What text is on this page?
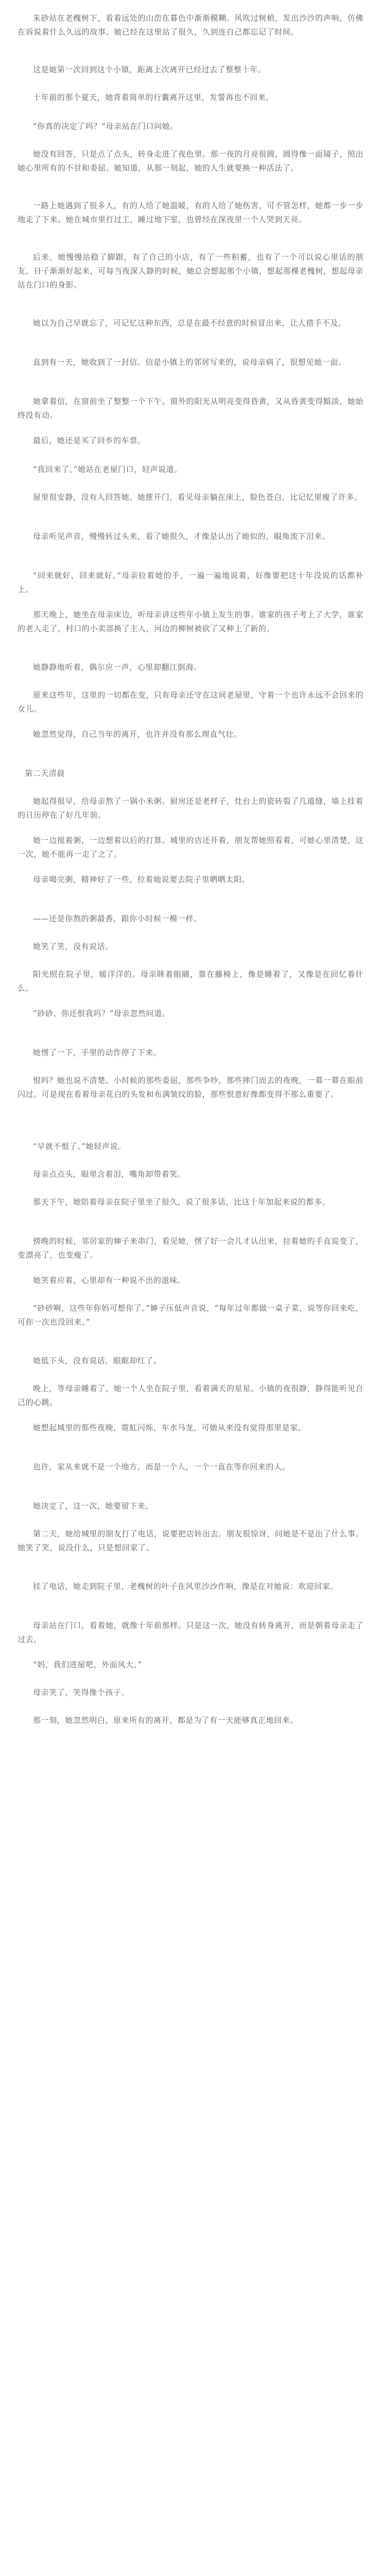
朱砂站在老槐树下，看着远处的山峦在暮色中渐渐模糊。风吹过树梢，发出沙沙的声响，仿佛在诉说着什么久远的故事。她已经在这里站了很久，久到连自己都忘记了时间。

这是她第一次回到这个小镇，距离上次离开已经过去了整整十年。

十年前的那个夏天，她背着简单的行囊离开这里，发誓再也不回来。

“你真的决定了吗？”母亲站在门口问她。

她没有回答，只是点了点头，转身走进了夜色里。那一夜的月亮很圆，圆得像一面镜子，照出她心里所有的不甘和委屈。她知道，从那一刻起，她的人生就要换一种活法了。

一路上她遇到了很多人，有的人给了她温暖，有的人给了她伤害，可不管怎样，她都一步一步地走了下来。她在城市里打过工，睡过地下室，也曾经在深夜里一个人哭到天亮。

后来，她慢慢站稳了脚跟，有了自己的小店，有了一些积蓄，也有了一个可以说心里话的朋友。日子渐渐好起来，可每当夜深人静的时候，她总会想起那个小镇，想起那棵老槐树，想起母亲站在门口的身影。

她以为自己早就忘了，可记忆这种东西，总是在最不经意的时候冒出来，让人措手不及。

直到有一天，她收到了一封信。信是小镇上的邻居写来的，说母亲病了，很想见她一面。

她拿着信，在窗前坐了整整一个下午。窗外的阳光从明亮变得昏黄，又从昏黄变得黯淡，她始终没有动。

最后，她还是买了回乡的车票。

“我回来了。”她站在老屋门口，轻声说道。

屋里很安静，没有人回答她。她推开门，看见母亲躺在床上，脸色苍白，比记忆里瘦了许多。

母亲听见声音，慢慢转过头来，看了她很久，才像是认出了她似的，眼角流下泪来。

“回来就好，回来就好。”母亲拉着她的手，一遍一遍地说着，好像要把这十年没说的话都补上。

那天晚上，她坐在母亲床边，听母亲讲这些年小镇上发生的事。谁家的孩子考上了大学，谁家的老人走了，村口的小卖部换了主人，河边的柳树被砍了又种上了新的。

她静静地听着，偶尔应一声，心里却翻江倒海。

原来这些年，这里的一切都在变，只有母亲还守在这间老屋里，守着一个也许永远不会回来的女儿。

她忽然觉得，自己当年的离开，也许并没有那么理直气壮。

第二天清晨

她起得很早，给母亲熬了一锅小米粥。厨房还是老样子，灶台上的瓷砖裂了几道缝，墙上挂着的日历停在了好几年前。

她一边搅着粥，一边想着以后的打算。城里的店还开着，朋友帮她照看着，可她心里清楚，这一次，她不能再一走了之了。

母亲喝完粥，精神好了一些，拉着她说要去院子里晒晒太阳。

——还是你熬的粥最香，跟你小时候一模一样。

她笑了笑，没有说话。

阳光照在院子里，暖洋洋的。母亲眯着眼睛，靠在藤椅上，像是睡着了，又像是在回忆着什么。

“砂砂，你还恨我吗？”母亲忽然问道。

她愣了一下，手里的动作停了下来。

恨吗？她也说不清楚。小时候的那些委屈，那些争吵，那些摔门而去的夜晚，一幕一幕在眼前闪过。可是现在看着母亲花白的头发和布满皱纹的脸，那些恨意好像都变得不那么重要了。

“早就不恨了。”她轻声说。

母亲点点头，眼里含着泪，嘴角却带着笑。

那天下午，她陪着母亲在院子里坐了很久，说了很多话，比这十年加起来说的都多。

傍晚的时候，邻居家的婶子来串门，看见她，愣了好一会儿才认出来，拉着她的手直说变了，变漂亮了，也变瘦了。

她笑着应着，心里却有一种说不出的滋味。

“砂砂啊，这些年你妈可想你了。”婶子压低声音说，“每年过年都做一桌子菜，说等你回来吃，可你一次也没回来。”

她低下头，没有说话，眼眶却红了。

晚上，等母亲睡着了，她一个人坐在院子里，看着满天的星星。小镇的夜很静，静得能听见自己的心跳。

她想起城里的那些夜晚，霓虹闪烁，车水马龙，可她从来没有觉得那里是家。

也许，家从来就不是一个地方，而是一个人，一个一直在等你回来的人。

她决定了，这一次，她要留下来。

第二天，她给城里的朋友打了电话，说要把店转出去。朋友很惊讶，问她是不是出了什么事。她笑了笑，说没什么，只是想回家了。

挂了电话，她走到院子里，老槐树的叶子在风里沙沙作响，像是在对她说：欢迎回家。

母亲站在门口，看着她，就像十年前那样。只是这一次，她没有转身离开，而是朝着母亲走了过去。

“妈，我们进屋吧，外面风大。”

母亲笑了，笑得像个孩子。

那一刻，她忽然明白，原来所有的离开，都是为了有一天能够真正地回来。
